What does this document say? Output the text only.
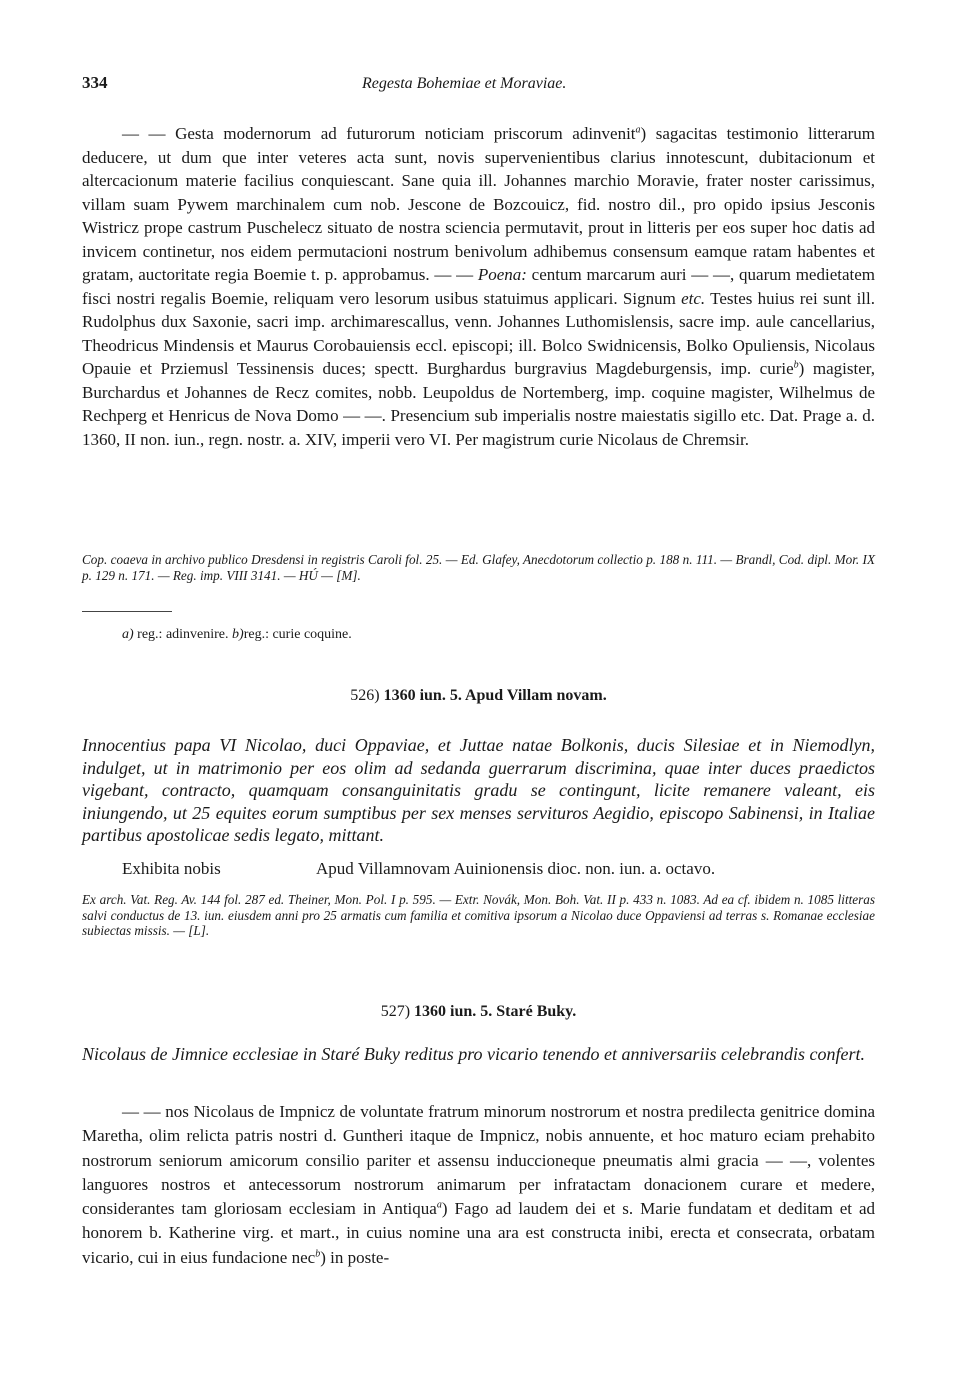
334	Regesta Bohemiae et Moraviae.

— — Gesta modernorum ad futurorum noticiam priscorum adinvenit$^a$) sagacitas testimonio litterarum deducere, ut dum que inter veteres acta sunt, novis supervenientibus clarius innotescunt, dubitacionum et altercacionum materie facilius conquiescant. Sane quia ill. Johannes marchio Moravie, frater noster carissimus, villam suam Pywem marchinalem cum nob. Jescone de Bozcouicz, fid. nostro dil., pro opido ipsius Jesconis Wistricz prope castrum Puschelecz situato de nostra sciencia permutavit, prout in litteris per eos super hoc datis ad invicem continetur, nos eidem permutacioni nostrum benivolum adhibemus consensum eamque ratam habentes et gratam, auctoritate regia Boemie t. p. approbamus. — — Poena: centum marcarum auri — —, quarum medietatem fisci nostri regalis Boemie, reliquam vero lesorum usibus statuimus applicari. Signum etc. Testes huius rei sunt ill. Rudolphus dux Saxonie, sacri imp. archimarescallus, venn. Johannes Luthomislensis, sacre imp. aule cancellarius, Theodricus Mindensis et Maurus Corobauiensis eccl. episcopi; ill. Bolco Swidnicensis, Bolko Opuliensis, Nicolaus Opauie et Prziemusl Tessinensis duces; spectt. Burghardus burgravius Magdeburgensis, imp. curie$^b$) magister, Burchardus et Johannes de Recz comites, nobb. Leupoldus de Nortemberg, imp. coquine magister, Wilhelmus de Rechperg et Henricus de Nova Domo — —. Presencium sub imperialis nostre maiestatis sigillo etc. Dat. Prage a. d. 1360, II non. iun., regn. nostr. a. XIV, imperii vero VI. Per magistrum curie Nicolaus de Chremsir.

Cop. coaeva in archivo publico Dresdensi in registris Caroli fol. 25. — Ed. Glafey, Anecdotorum collectio p. 188 n. 111. — Brandl, Cod. dipl. Mor. IX p. 129 n. 171. — Reg. imp. VIII 3141. — HÚ — [M].
a) reg.: adinvenire. b)reg.: curie coquine.
526) 1360 iun. 5. Apud Villam novam.
Innocentius papa VI Nicolao, duci Oppaviae, et Juttae natae Bolkonis, ducis Silesiae et in Niemodlyn, indulget, ut in matrimonio per eos olim ad sedanda guerrarum discrimina, quae inter duces praedictos vigebant, contracto, quamquam consanguinitatis gradu se contingunt, licite remanere valeant, eis iniungendo, ut 25 equites eorum sumptibus per sex menses servituros Aegidio, episcopo Sabinensi, in Italiae partibus apostolicae sedis legato, mittant.
Exhibita nobis	Apud Villamnovam Auinionensis dioc. non. iun. a. octavo.
Ex arch. Vat. Reg. Av. 144 fol. 287 ed. Theiner, Mon. Pol. I p. 595. — Extr. Novák, Mon. Boh. Vat. II p. 433 n. 1083. Ad ea cf. ibidem n. 1085 litteras salvi conductus de 13. iun. eiusdem anni pro 25 armatis cum familia et comitiva ipsorum a Nicolao duce Oppaviensi ad terras s. Romanae ecclesiae subiectas missis. — [L].
527) 1360 iun. 5. Staré Buky.
Nicolaus de Jimnice ecclesiae in Staré Buky reditus pro vicario tenendo et anniversariis celebrandis confert.

— — nos Nicolaus de Impnicz de voluntate fratrum minorum nostrorum et nostra predilecta genitrice domina Maretha, olim relicta patris nostri d. Guntheri itaque de Impnicz, nobis annuente, et hoc maturo eciam prehabito nostrorum seniorum amicorum consilio pariter et assensu induccioneque pneumatis almi gracia — —, volentes languores nostros et antecessorum nostrorum animarum per infratactam donacionem curare et medere, considerantes tam gloriosam ecclesiam in Antiqua$^a$) Fago ad laudem dei et s. Marie fundatam et deditam et ad honorem b. Katherine virg. et mart., in cuius nomine una ara est constructa inibi, erecta et consecrata, orbatam vicario, cui in eius fundacione nec$^b$) in poste-
